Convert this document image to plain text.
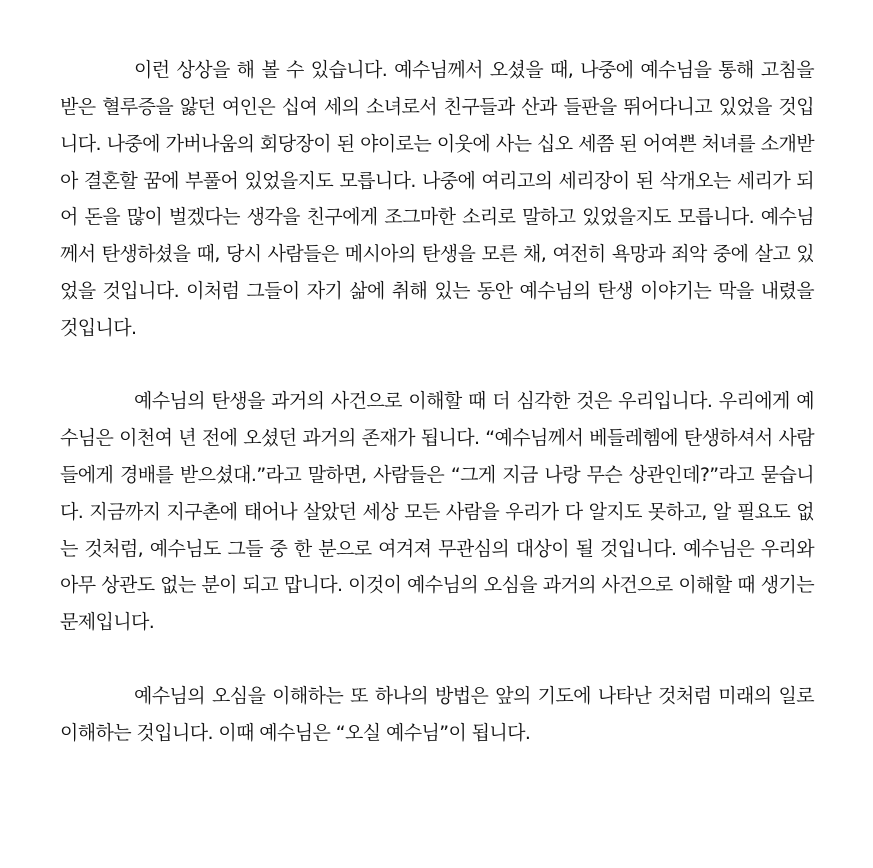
이런 상상을 해 볼 수 있습니다. 예수님께서 오셨을 때, 나중에 예수님을 통해 고침을 받은 혈루증을 앓던 여인은 십여 세의 소녀로서 친구들과 산과 들판을 뛰어다니고 있었을 것입니다. 나중에 가버나움의 회당장이 된 야이로는 이웃에 사는 십오 세쯤 된 어여쁜 처녀를 소개받아 결혼할 꿈에 부풀어 있었을지도 모릅니다. 나중에 여리고의 세리장이 된 삭개오는 세리가 되어 돈을 많이 벌겠다는 생각을 친구에게 조그마한 소리로 말하고 있었을지도 모릅니다. 예수님께서 탄생하셨을 때, 당시 사람들은 메시아의 탄생을 모른 채, 여전히 욕망과 죄악 중에 살고 있었을 것입니다. 이처럼 그들이 자기 삶에 취해 있는 동안 예수님의 탄생 이야기는 막을 내렸을 것입니다.

예수님의 탄생을 과거의 사건으로 이해할 때 더 심각한 것은 우리입니다. 우리에게 예수님은 이천여 년 전에 오셨던 과거의 존재가 됩니다. “예수님께서 베들레헴에 탄생하셔서 사람들에게 경배를 받으셨대.”라고 말하면, 사람들은 “그게 지금 나랑 무슨 상관인데?”라고 묻습니다. 지금까지 지구촌에 태어나 살았던 세상 모든 사람을 우리가 다 알지도 못하고, 알 필요도 없는 것처럼, 예수님도 그들 중 한 분으로 여겨져 무관심의 대상이 될 것입니다. 예수님은 우리와 아무 상관도 없는 분이 되고 맙니다. 이것이 예수님의 오심을 과거의 사건으로 이해할 때 생기는 문제입니다.

예수님의 오심을 이해하는 또 하나의 방법은 앞의 기도에 나타난 것처럼 미래의 일로 이해하는 것입니다. 이때 예수님은 “오실 예수님”이 됩니다.
